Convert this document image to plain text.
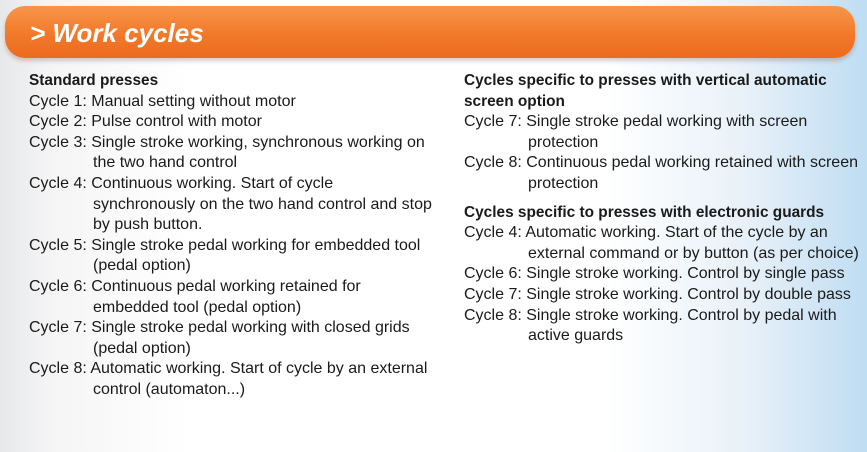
> Work cycles

Standard presses

Cycle 1: Manual setting without motor

Cycle 2: Pulse control with motor

Cycle 3: Single stroke working, synchronous working on the two hand control

Cycle 4: Continuous working. Start of cycle synchronously on the two hand control and stop by push button.

Cycle 5: Single stroke pedal working for embedded tool (pedal option)

Cycle 6: Continuous pedal working retained for embedded tool (pedal option)

Cycle 7: Single stroke pedal working with closed grids (pedal option)

Cycle 8: Automatic working. Start of cycle by an external control (automaton...)

Cycles specific to presses with vertical automatic screen option

Cycle 7: Single stroke pedal working with screen protection

Cycle 8: Continuous pedal working retained with screen protection

Cycles specific to presses with electronic guards

Cycle 4: Automatic working. Start of the cycle by an external command or by button (as per choice)

Cycle 6: Single stroke working. Control by single pass

Cycle 7: Single stroke working. Control by double pass

Cycle 8: Single stroke working. Control by pedal with active guards
